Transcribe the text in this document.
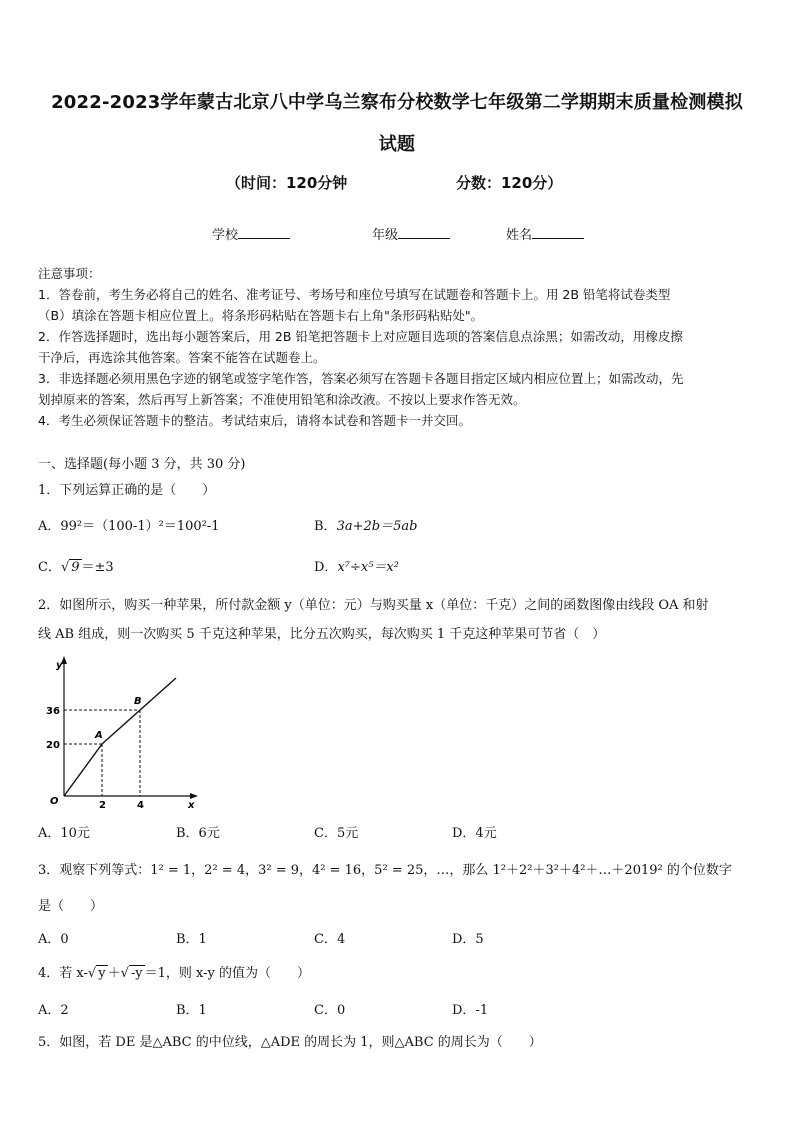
2022-2023学年蒙古北京八中学乌兰察布分校数学七年级第二学期期末质量检测模拟
试题
（时间：120分钟	分数：120分）
学校	年级	姓名
注意事项：
1．答卷前，考生务必将自己的姓名、准考证号、考场号和座位号填写在试题卷和答题卡上。用 2B 铅笔将试卷类型
（B）填涂在答题卡相应位置上。将条形码粘贴在答题卡右上角"条形码粘贴处"。
2．作答选择题时，选出每小题答案后，用 2B 铅笔把答题卡上对应题目选项的答案信息点涂黑；如需改动，用橡皮擦
干净后，再选涂其他答案。答案不能答在试题卷上。
3．非选择题必须用黑色字迹的钢笔或签字笔作答，答案必须写在答题卡各题目指定区域内相应位置上；如需改动，先
划掉原来的答案，然后再写上新答案；不准使用铅笔和涂改液。不按以上要求作答无效。
4．考生必须保证答题卡的整洁。考试结束后，请将本试卷和答题卡一并交回。
一、选择题(每小题 3 分，共 30 分)
1．下列运算正确的是（　　）
A．99²＝（100-1）²＝100²-1	B．3a+2b＝5ab
C．√ 9 ＝±3	D．x⁷÷x⁵＝x²
2．如图所示，购买一种苹果，所付款金额 y（单位：元）与购买量 x（单位：千克）之间的函数图像由线段 OA 和射
线 AB 组成，则一次购买 5 千克这种苹果，比分五次购买，每次购买 1 千克这种苹果可节省（　）
y
x
O
36
20
2	4
A
B
A．10元	B．6元	C．5元	D．4元
3．观察下列等式：1² = 1，2² = 4，3² = 9，4² = 16，5² = 25，…，那么 1²＋2²＋3²＋4²＋…＋2019² 的个位数字
是（　　）
A．0	B．1	C．4	D．5
4．若 x-√ y ＋√ -y ＝1，则 x-y 的值为（　　）
A．2	B．1	C．0	D．-1
5．如图，若 DE 是△ABC 的中位线，△ADE 的周长为 1，则△ABC 的周长为（　　）
